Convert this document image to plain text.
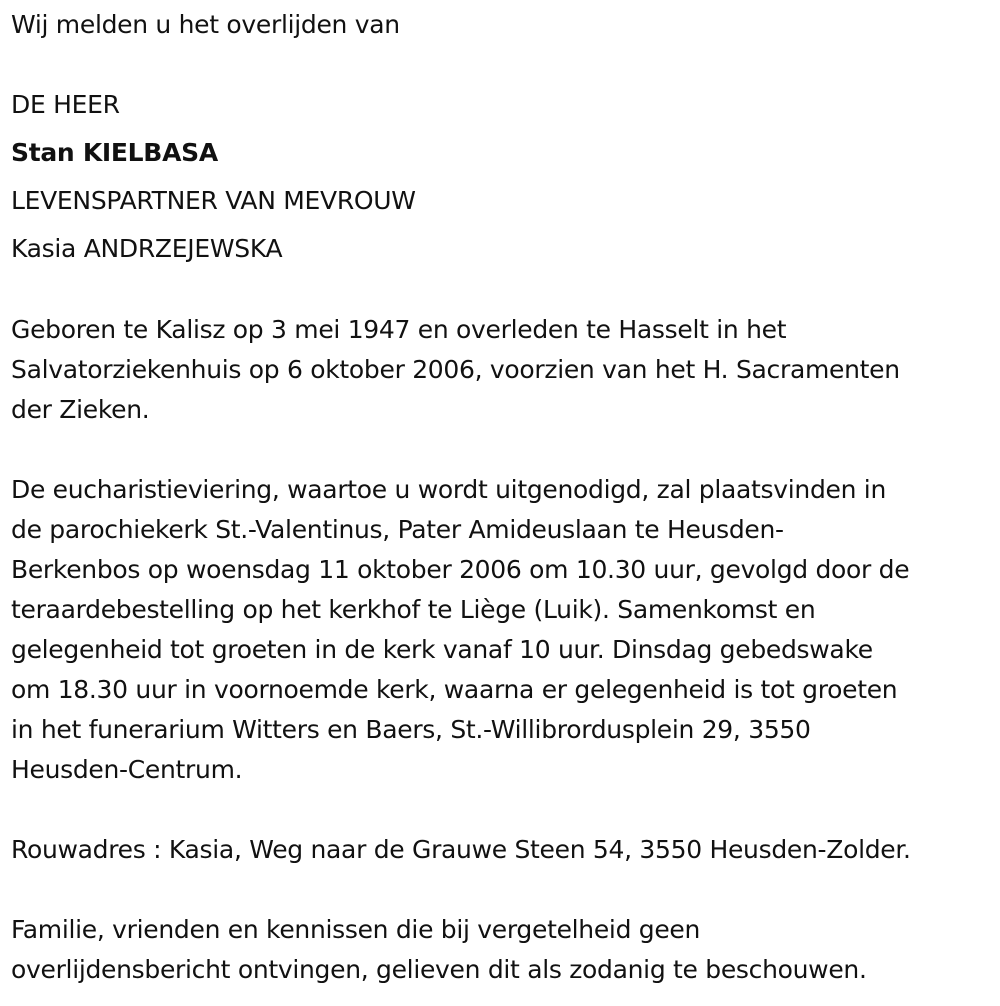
Wij melden u het overlijden van
DE HEER
Stan KIELBASA
LEVENSPARTNER VAN MEVROUW
Kasia ANDRZEJEWSKA
Geboren te Kalisz op 3 mei 1947 en overleden te Hasselt in het
Salvatorziekenhuis op 6 oktober 2006, voorzien van het H. Sacramenten
der Zieken.
De eucharistieviering, waartoe u wordt uitgenodigd, zal plaatsvinden in
de parochiekerk St.-Valentinus, Pater Amideuslaan te Heusden-
Berkenbos op woensdag 11 oktober 2006 om 10.30 uur, gevolgd door de
teraardebestelling op het kerkhof te Liège (Luik). Samenkomst en
gelegenheid tot groeten in de kerk vanaf 10 uur. Dinsdag gebedswake
om 18.30 uur in voornoemde kerk, waarna er gelegenheid is tot groeten
in het funerarium Witters en Baers, St.-Willibrordusplein 29, 3550
Heusden-Centrum.
Rouwadres : Kasia, Weg naar de Grauwe Steen 54, 3550 Heusden-Zolder.
Familie, vrienden en kennissen die bij vergetelheid geen
overlijdensbericht ontvingen, gelieven dit als zodanig te beschouwen.
